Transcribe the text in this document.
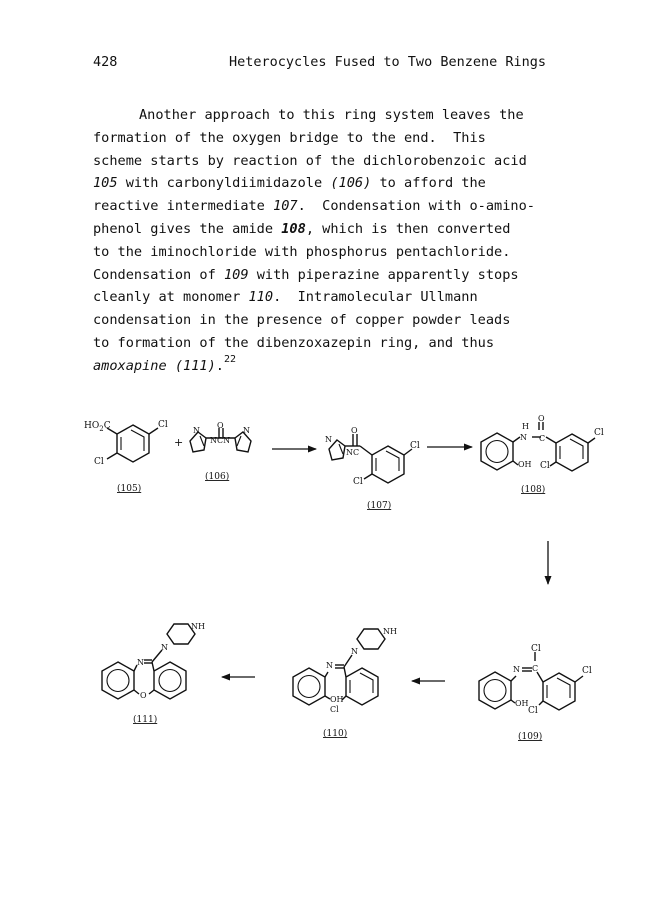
428	Heterocycles Fused to Two Benzene Rings
Another approach to this ring system leaves the
formation of the oxygen bridge to the end.  This
scheme starts by reaction of the dichlorobenzoic acid
105 with carbonyldiimidazole (106) to afford the
reactive intermediate 107.  Condensation with o-amino-
phenol gives the amide 108, which is then converted
to the iminochloride with phosphorus pentachloride.
Condensation of 109 with piperazine apparently stops
cleanly at monomer 110.  Intramolecular Ullmann
condensation in the presence of copper powder leads
to formation of the dibenzoxazepin ring, and thus
amoxapine (111).$^{22}$
$HO_2C$	Cl
Cl
(105)
+
N
O
NCN
N
(106)
N
O
NC
Cl
Cl
(107)
H
N
O
C
Cl
OH Cl
(108)
Cl
N C	Cl
OH
Cl
(109)
N
N
NH
OH
Cl
(110)
N
O
N
NH
(111)
